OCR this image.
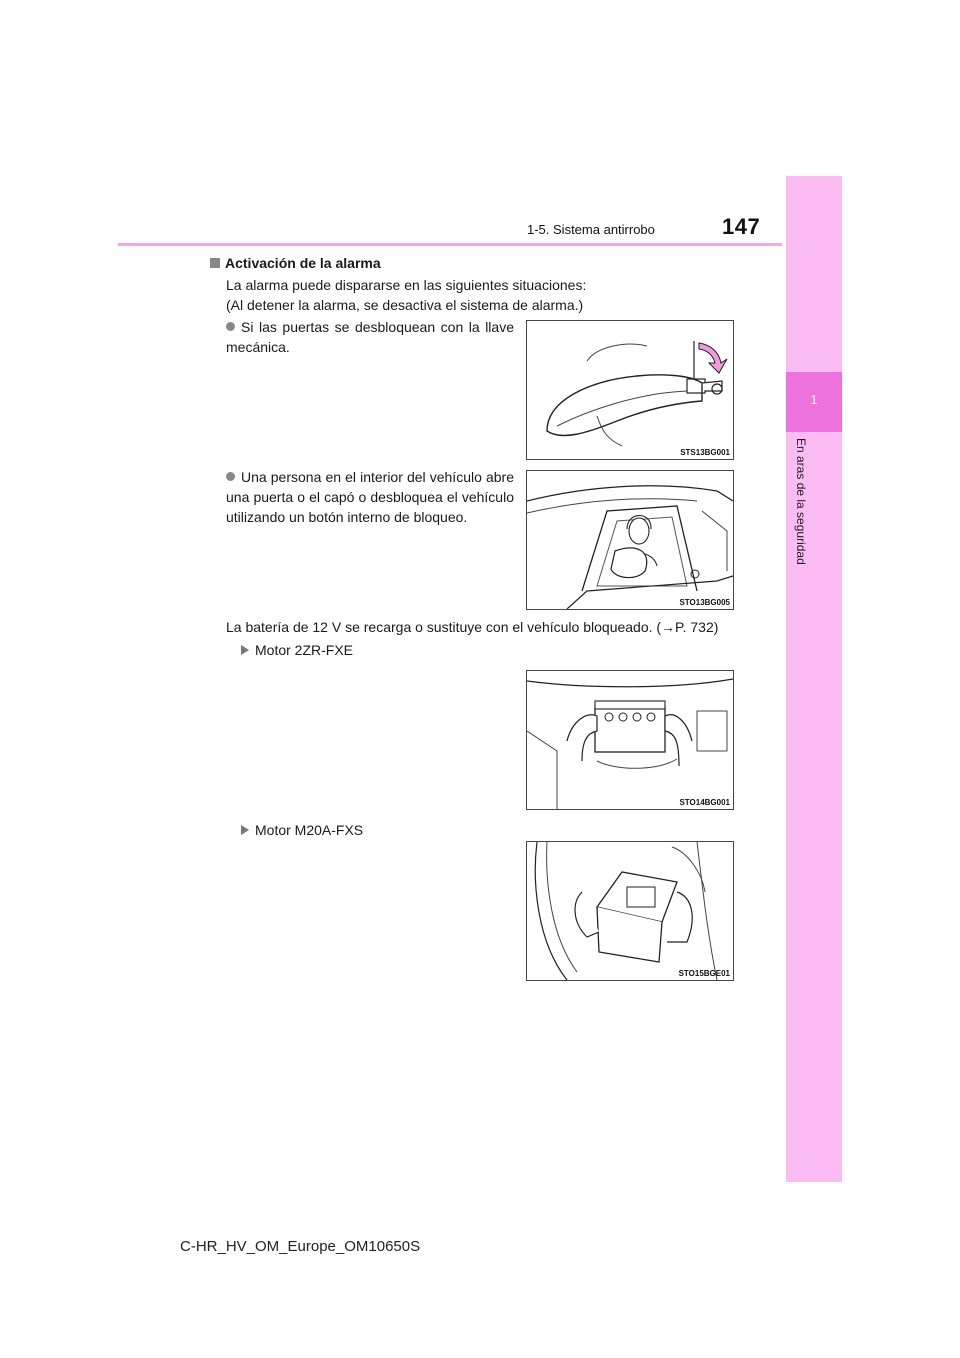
1-5. Sistema antirrobo	147
1
En aras de la seguridad
Activación de la alarma
La alarma puede dispararse en las siguientes situaciones:
(Al detener la alarma, se desactiva el sistema de alarma.)
Si las puertas se desbloquean con la llave mecánica.
Una persona en el interior del vehículo abre una puerta o el capó o desbloquea el vehículo utilizando un botón interno de bloqueo.
La batería de 12 V se recarga o sustituye con el vehículo bloqueado. (→P. 732)
Motor 2ZR-FXE
Motor M20A-FXS
STS13BG001
STO13BG005
STO14BG001
STO15BGE01
C-HR_HV_OM_Europe_OM10650S
